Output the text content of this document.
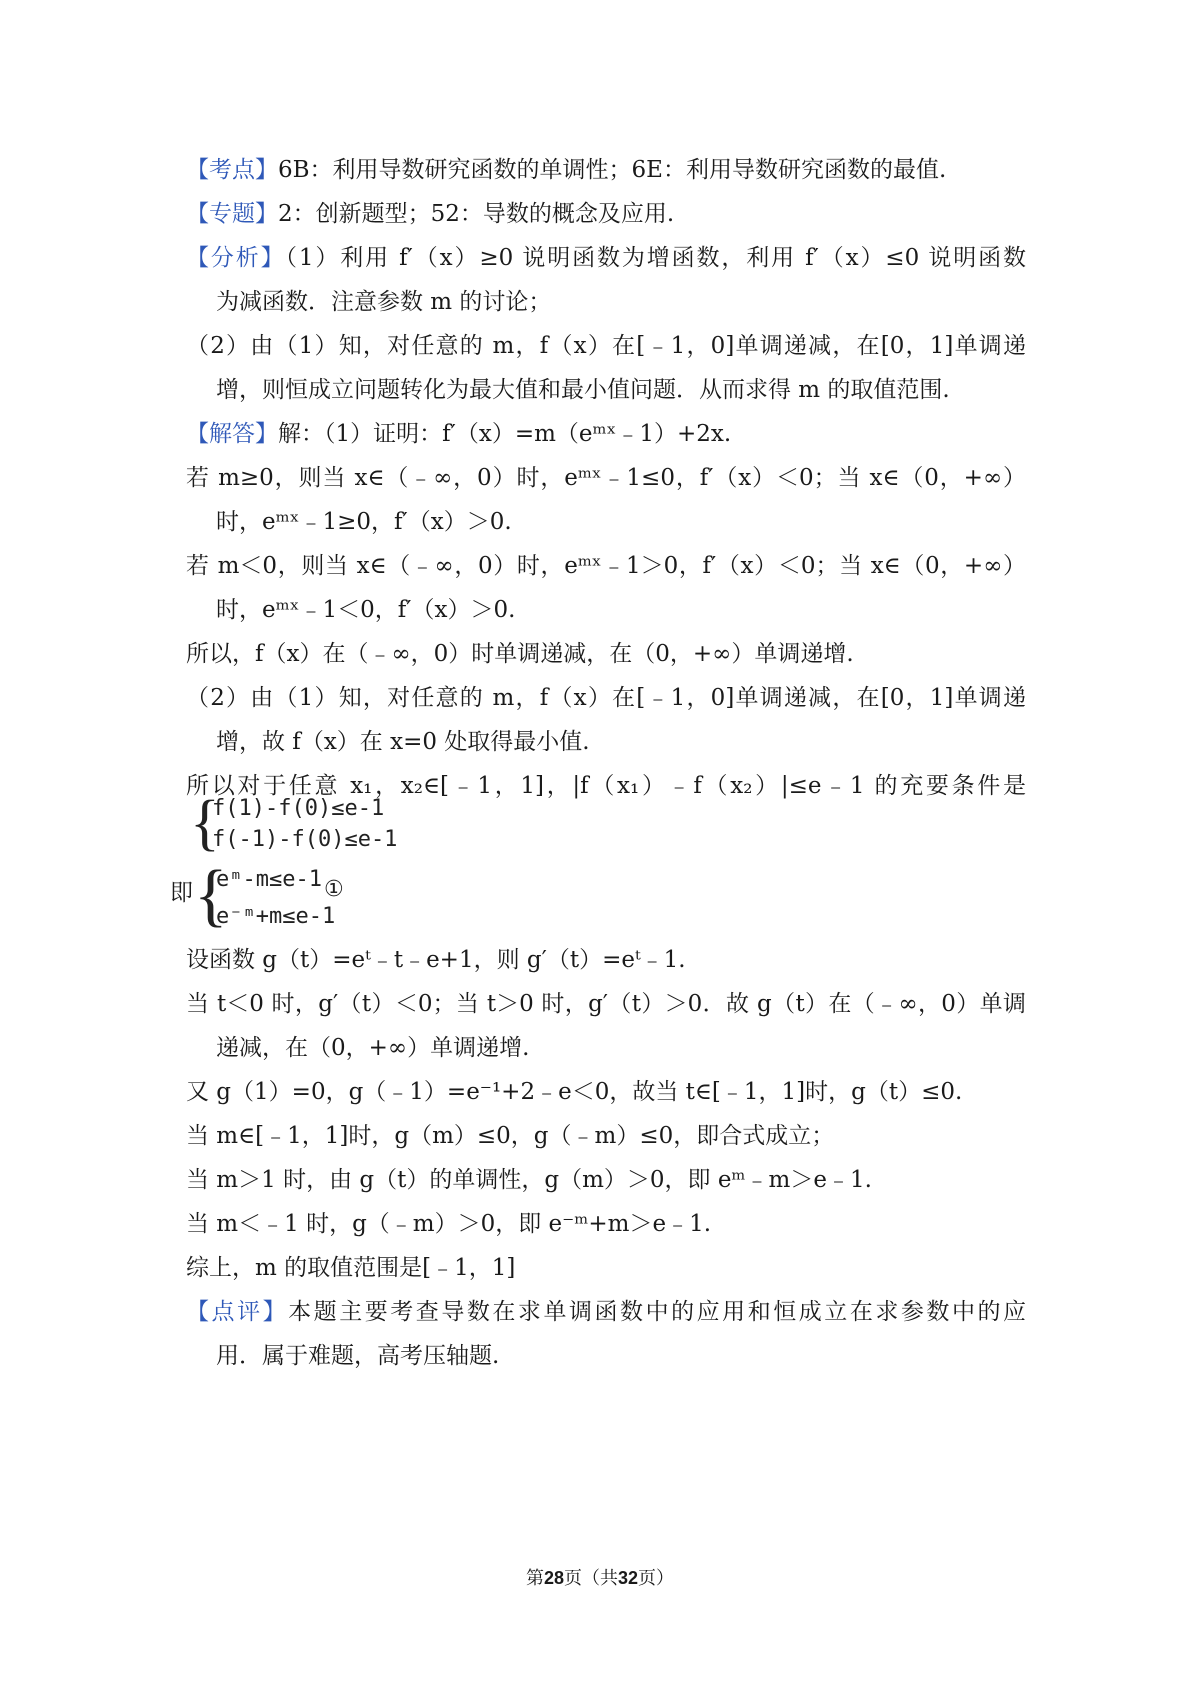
【考点】6B：利用导数研究函数的单调性；6E：利用导数研究函数的最值.
【专题】2：创新题型；52：导数的概念及应用.
【分析】（1）利用 f′（x）≥0 说明函数为增函数，利用 f′（x）≤0 说明函数
为减函数．注意参数 m 的讨论；
（2）由（1）知，对任意的 m，f（x）在[﹣1，0]单调递减，在[0，1]单调递
增，则恒成立问题转化为最大值和最小值问题．从而求得 m 的取值范围.
【解答】解：（1）证明：f′（x）=m（eᵐˣ﹣1）+2x.
若 m≥0，则当 x∈（﹣∞，0）时，eᵐˣ﹣1≤0，f′（x）＜0；当 x∈（0，+∞）
时，eᵐˣ﹣1≥0，f′（x）＞0.
若 m＜0，则当 x∈（﹣∞，0）时，eᵐˣ﹣1＞0，f′（x）＜0；当 x∈（0，+∞）
时，eᵐˣ﹣1＜0，f′（x）＞0.
所以，f（x）在（﹣∞，0）时单调递减，在（0，+∞）单调递增.
（2）由（1）知，对任意的 m，f（x）在[﹣1，0]单调递减，在[0，1]单调递
增，故 f（x）在 x=0 处取得最小值.
所以对于任意 x₁，x₂∈[﹣1，1]，|f（x₁）﹣f（x₂）|≤e﹣1 的充要条件是
{
f(1)-f(0)≤e-1
f(-1)-f(0)≤e-1
即 {
eᵐ-m≤e-1
e⁻ᵐ+m≤e-1
①
设函数 g（t）=eᵗ﹣t﹣e+1，则 g′（t）=eᵗ﹣1.
当 t＜0 时，g′（t）＜0；当 t＞0 时，g′（t）＞0．故 g（t）在（﹣∞，0）单调
递减，在（0，+∞）单调递增.
又 g（1）=0，g（﹣1）=e⁻¹+2﹣e＜0，故当 t∈[﹣1，1]时，g（t）≤0.
当 m∈[﹣1，1]时，g（m）≤0，g（﹣m）≤0，即合式成立；
当 m＞1 时，由 g（t）的单调性，g（m）＞0，即 eᵐ﹣m＞e﹣1.
当 m＜﹣1 时，g（﹣m）＞0，即 e⁻ᵐ+m＞e﹣1.
综上，m 的取值范围是[﹣1，1]
【点评】本题主要考查导数在求单调函数中的应用和恒成立在求参数中的应
用．属于难题，高考压轴题.
第28页（共32页）
